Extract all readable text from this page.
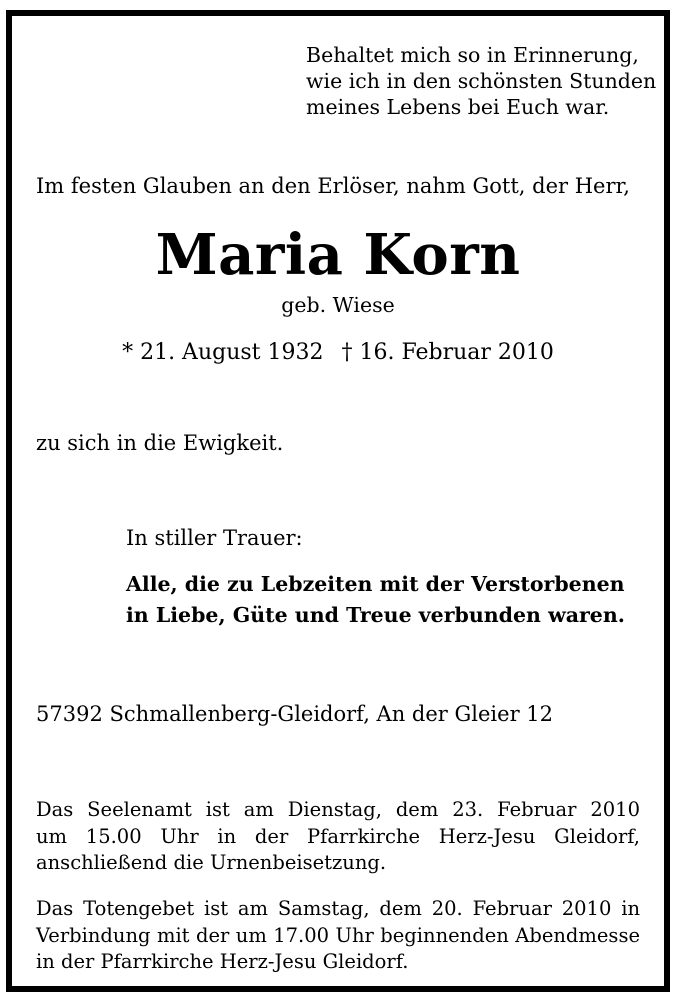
Behaltet mich so in Erinnerung,
wie ich in den schönsten Stunden
meines Lebens bei Euch war.

Im festen Glauben an den Erlöser, nahm Gott, der Herr,

Maria Korn

geb. Wiese

* 21. August 1932 † 16. Februar 2010

zu sich in die Ewigkeit.

In stiller Trauer:

Alle, die zu Lebzeiten mit der Verstorbenen
in Liebe, Güte und Treue verbunden waren.

57392 Schmallenberg-Gleidorf, An der Gleier 12

Das Seelenamt ist am Dienstag, dem 23. Februar 2010
um 15.00 Uhr in der Pfarrkirche Herz-Jesu Gleidorf,
anschließend die Urnenbeisetzung.
Das Totengebet ist am Samstag, dem 20. Februar 2010 in
Verbindung mit der um 17.00 Uhr beginnenden Abendmesse
in der Pfarrkirche Herz-Jesu Gleidorf.
